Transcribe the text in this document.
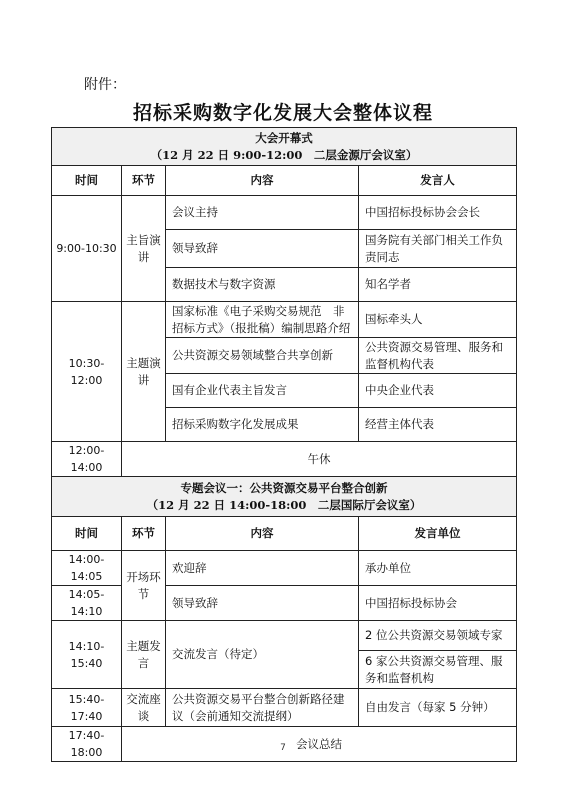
附件：
招标采购数字化发展大会整体议程
大会开幕式
（12 月 22 日 9:00-12:00　二层金源厅会议室）			

时间	环节	内容	发言人
9:00-10:30	主旨演讲	会议主持	中国招标投标协会会长
		领导致辞	国务院有关部门相关工作负责同志
		数据技术与数字资源	知名学者
10:30-12:00	主题演讲	国家标准《电子采购交易规范　非招标方式》（报批稿）编制思路介绍	国标牵头人
		公共资源交易领域整合共享创新	公共资源交易管理、服务和监督机构代表
		国有企业代表主旨发言	中央企业代表
		招标采购数字化发展成果	经营主体代表
12:00-14:00	午休		

专题会议一：公共资源交易平台整合创新
（12 月 22 日 14:00-18:00　二层国际厅会议室）			

时间	环节	内容	发言单位
14:00-14:05	开场环节	欢迎辞	承办单位
14:05-14:10		领导致辞	中国招标投标协会
14:10-15:40	主题发言	交流发言（待定）	2 位公共资源交易领域专家
			6 家公共资源交易管理、服务和监督机构
15:40-17:40	交流座谈	公共资源交易平台整合创新路径建议（会前通知交流提纲）	自由发言（每家 5 分钟）
17:40-18:00	会议总结		
7
